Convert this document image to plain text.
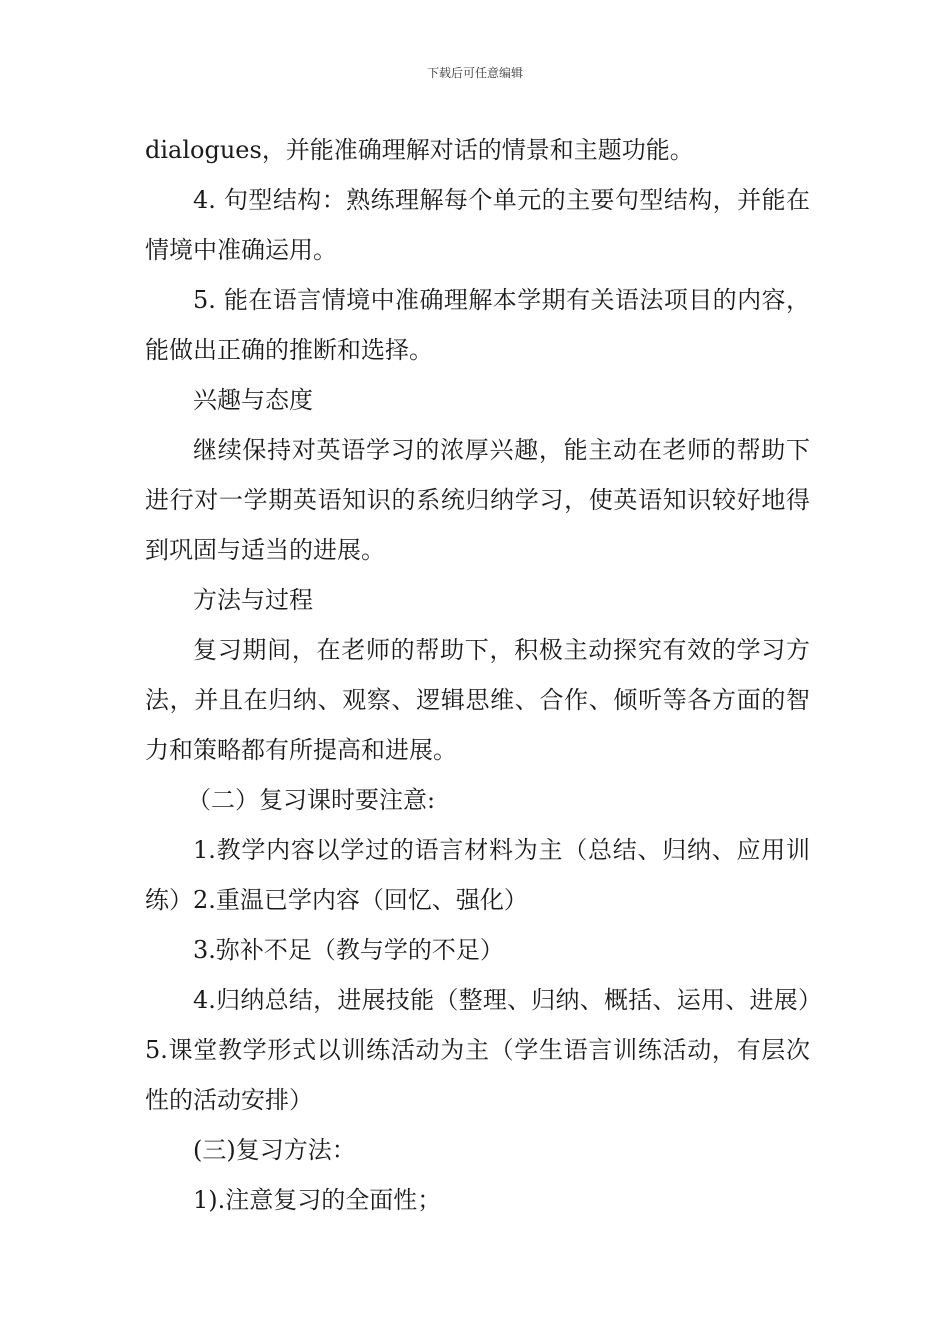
下载后可任意编辑

dialogues，并能准确理解对话的情景和主题功能。

4. 句型结构：熟练理解每个单元的主要句型结构，并能在情境中准确运用。

5. 能在语言情境中准确理解本学期有关语法项目的内容，能做出正确的推断和选择。

兴趣与态度

继续保持对英语学习的浓厚兴趣，能主动在老师的帮助下进行对一学期英语知识的系统归纳学习，使英语知识较好地得到巩固与适当的进展。

方法与过程

复习期间，在老师的帮助下，积极主动探究有效的学习方法，并且在归纳、观察、逻辑思维、合作、倾听等各方面的智力和策略都有所提高和进展。

（二）复习课时要注意:

1.教学内容以学过的语言材料为主（总结、归纳、应用训练）2.重温已学内容（回忆、强化）

3.弥补不足（教与学的不足）

4.归纳总结，进展技能（整理、归纳、概括、运用、进展）5.课堂教学形式以训练活动为主（学生语言训练活动，有层次性的活动安排）

(三)复习方法：

1).注意复习的全面性；
